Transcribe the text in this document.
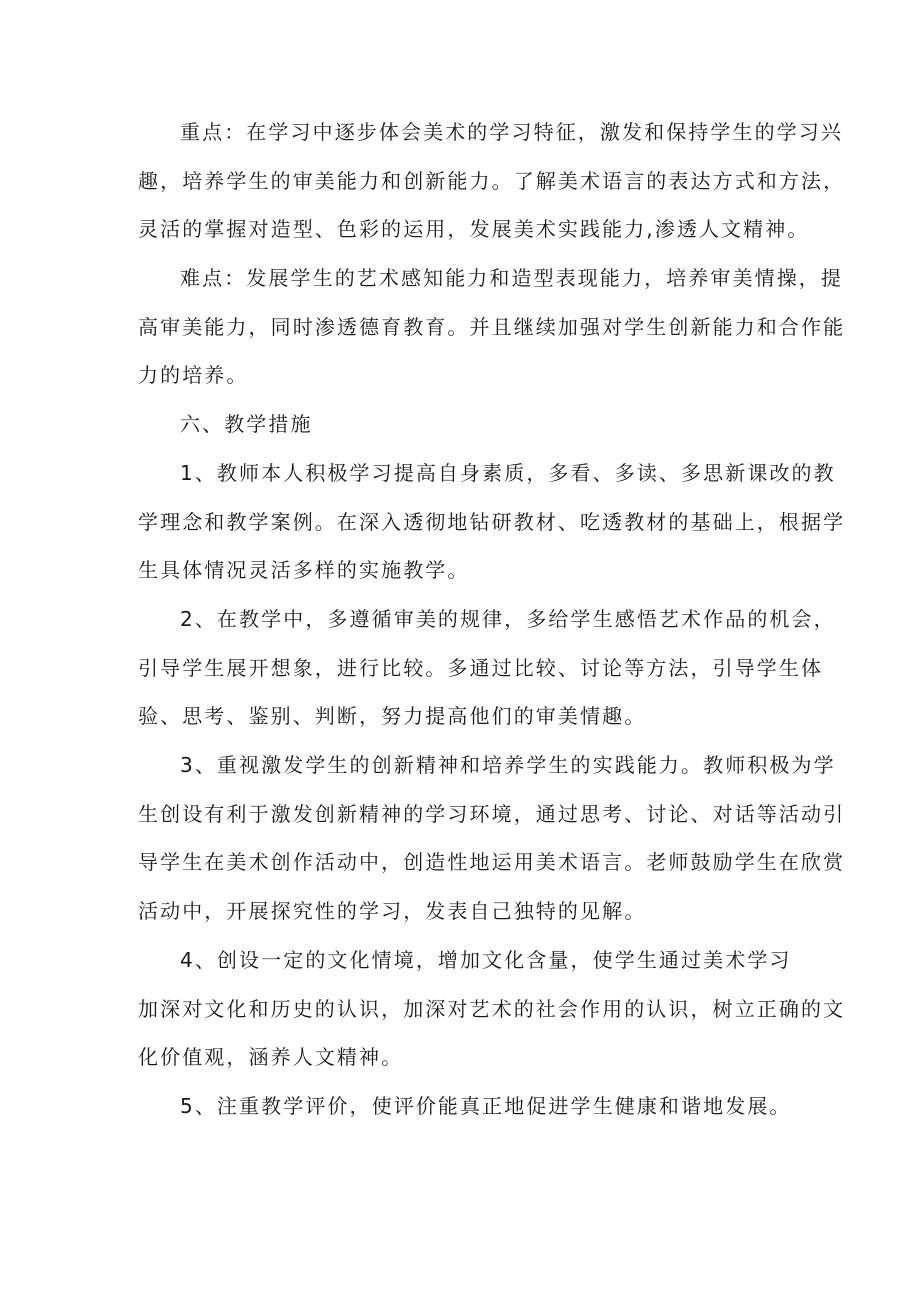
重点：在学习中逐步体会美术的学习特征，激发和保持学生的学习兴
趣，培养学生的审美能力和创新能力。了解美术语言的表达方式和方法，
灵活的掌握对造型、色彩的运用，发展美术实践能力,渗透人文精神。
难点：发展学生的艺术感知能力和造型表现能力，培养审美情操，提
高审美能力，同时渗透德育教育。并且继续加强对学生创新能力和合作能
力的培养。
六、教学措施
1、教师本人积极学习提高自身素质，多看、多读、多思新课改的教
学理念和教学案例。在深入透彻地钻研教材、吃透教材的基础上，根据学
生具体情况灵活多样的实施教学。
2、在教学中，多遵循审美的规律，多给学生感悟艺术作品的机会，
引导学生展开想象，进行比较。多通过比较、讨论等方法，引导学生体
验、思考、鉴别、判断，努力提高他们的审美情趣。
3、重视激发学生的创新精神和培养学生的实践能力。教师积极为学
生创设有利于激发创新精神的学习环境，通过思考、讨论、对话等活动引
导学生在美术创作活动中，创造性地运用美术语言。老师鼓励学生在欣赏
活动中，开展探究性的学习，发表自己独特的见解。
4、创设一定的文化情境，增加文化含量，使学生通过美术学习
加深对文化和历史的认识，加深对艺术的社会作用的认识，树立正确的文
化价值观，涵养人文精神。
5、注重教学评价，使评价能真正地促进学生健康和谐地发展。
